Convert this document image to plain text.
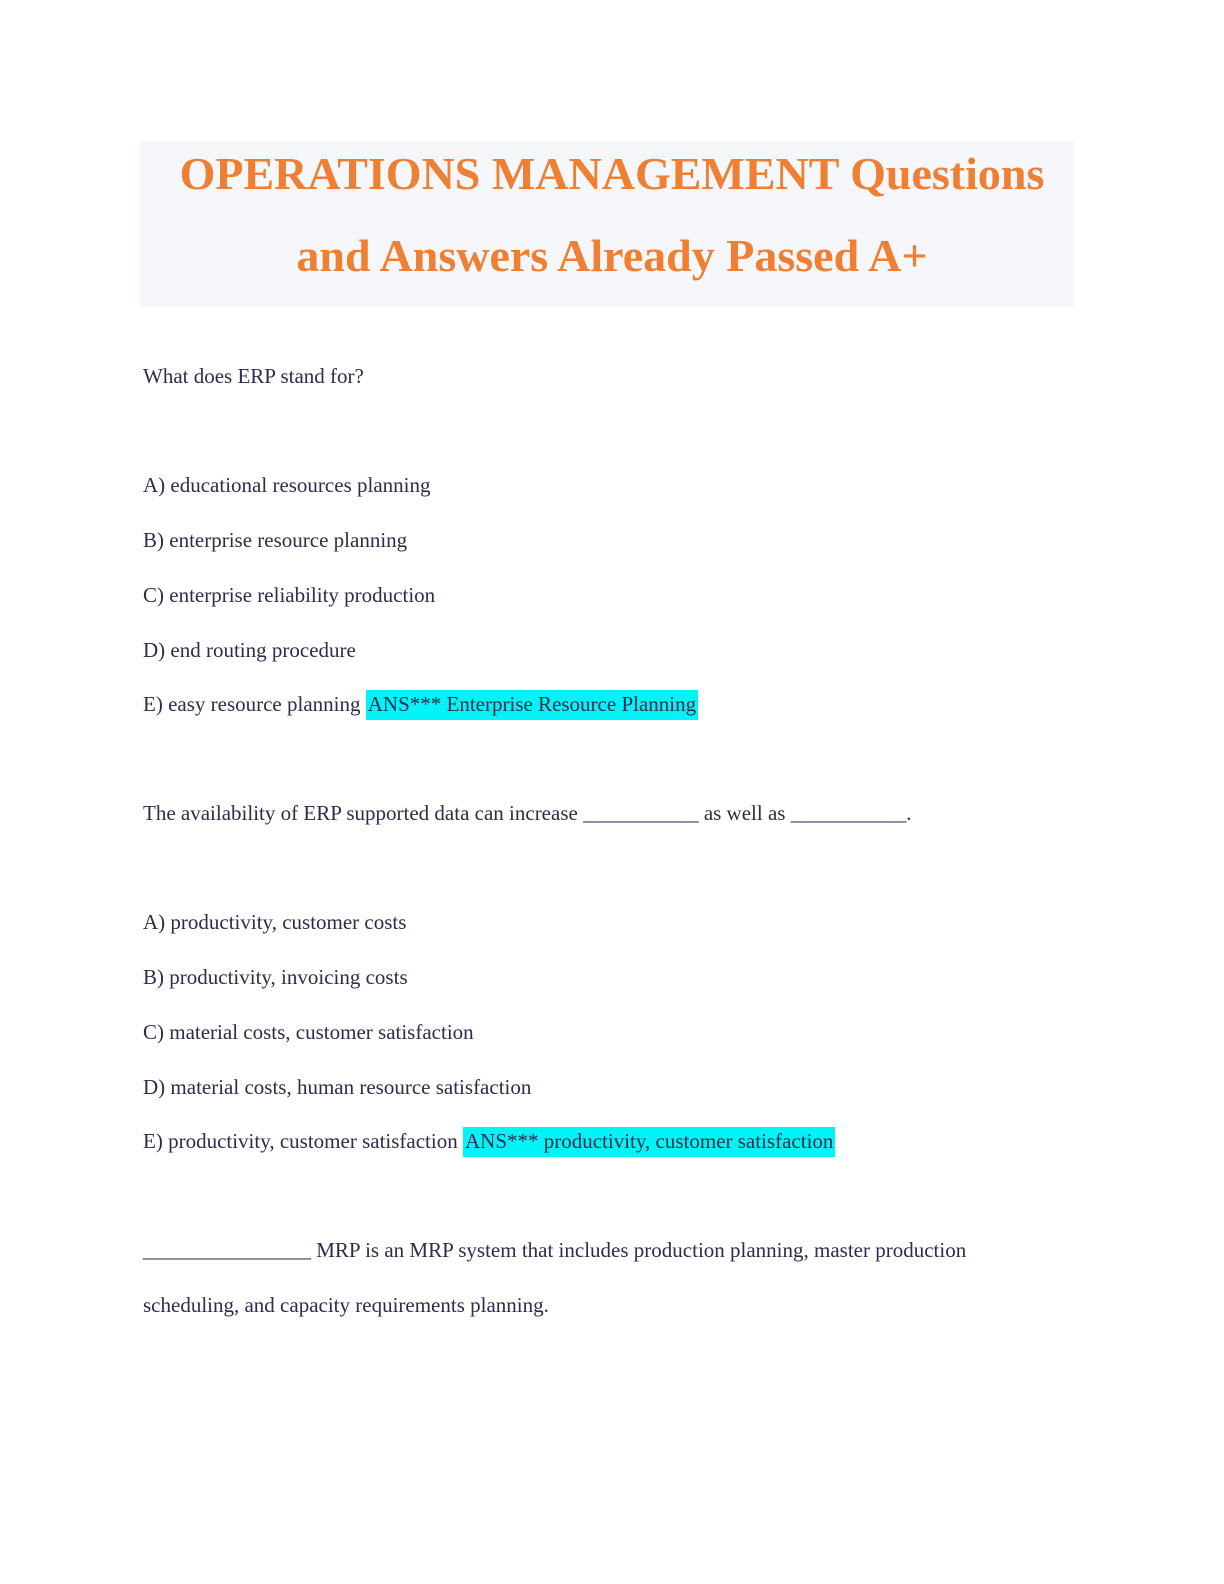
OPERATIONS MANAGEMENT Questions
and Answers Already Passed A+
What does ERP stand for?
A) educational resources planning
B) enterprise resource planning
C) enterprise reliability production
D) end routing procedure
E) easy resource planning ANS*** Enterprise Resource Planning
The availability of ERP supported data can increase ___________ as well as ___________.
A) productivity, customer costs
B) productivity, invoicing costs
C) material costs, customer satisfaction
D) material costs, human resource satisfaction
E) productivity, customer satisfaction ANS*** productivity, customer satisfaction
________________ MRP is an MRP system that includes production planning, master production
scheduling, and capacity requirements planning.
